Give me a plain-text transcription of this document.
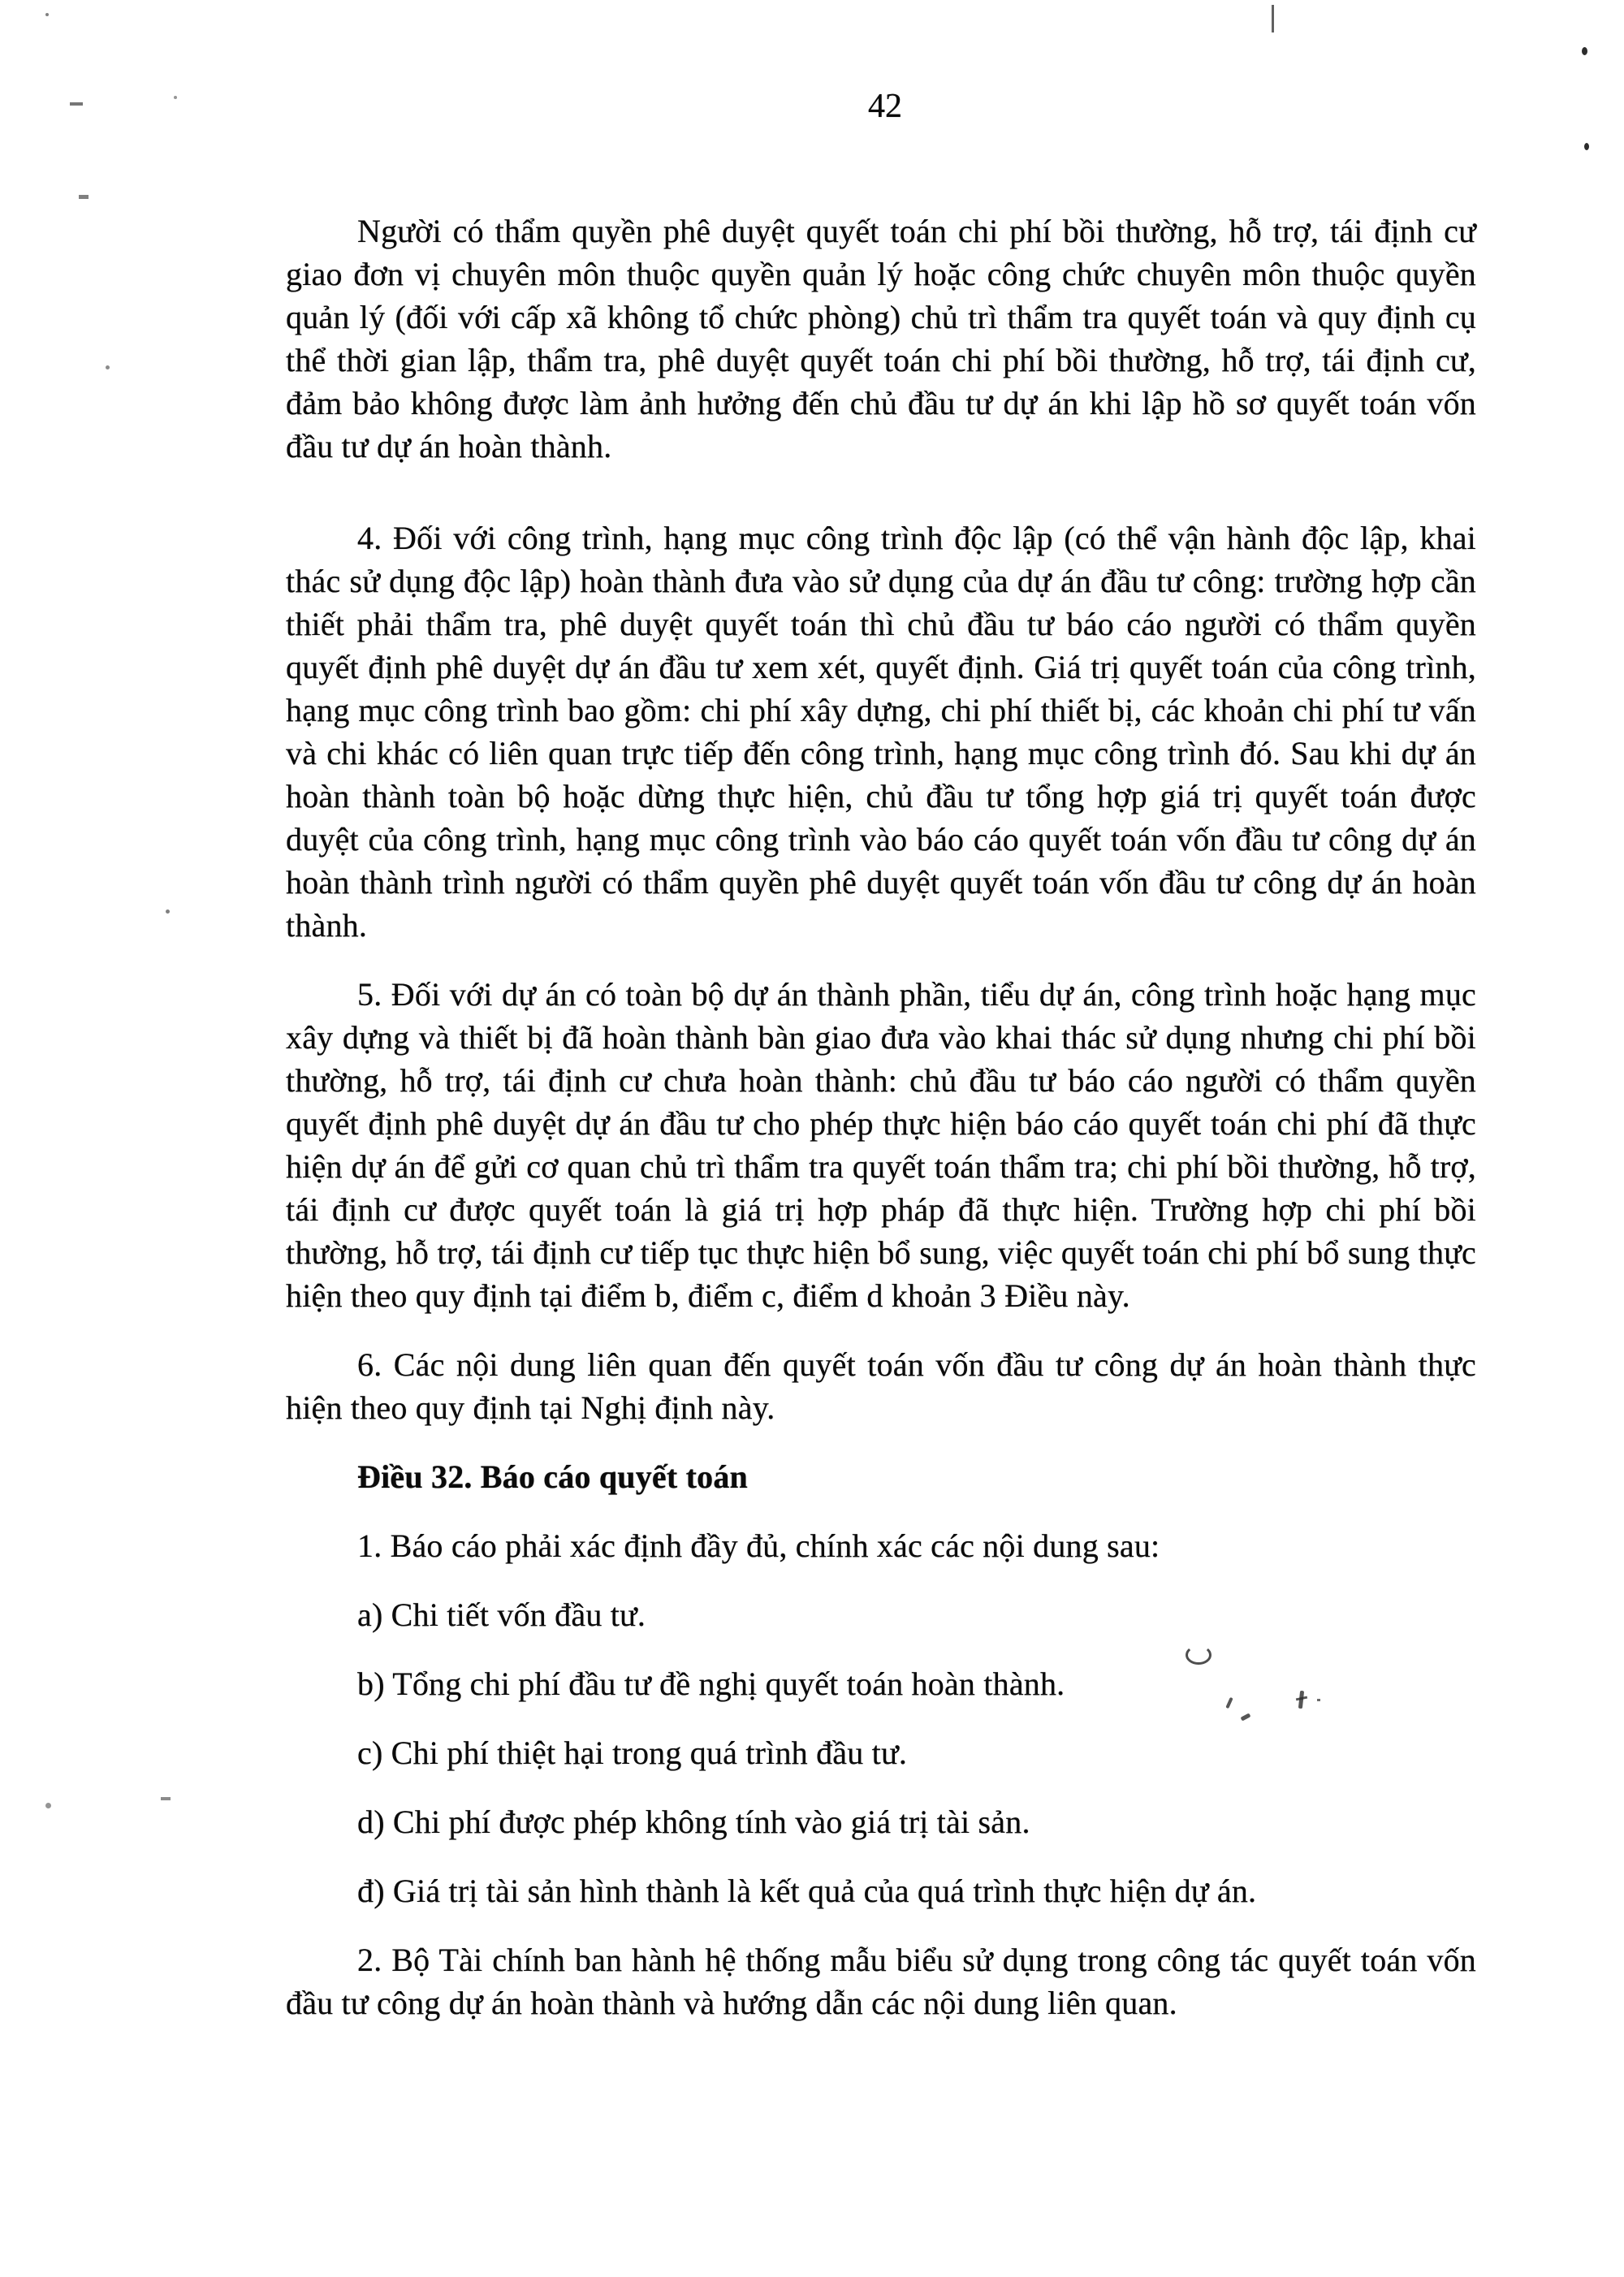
42

Người có thẩm quyền phê duyệt quyết toán chi phí bồi thường, hỗ trợ, tái định cư giao đơn vị chuyên môn thuộc quyền quản lý hoặc công chức chuyên môn thuộc quyền quản lý (đối với cấp xã không tổ chức phòng) chủ trì thẩm tra quyết toán và quy định cụ thể thời gian lập, thẩm tra, phê duyệt quyết toán chi phí bồi thường, hỗ trợ, tái định cư, đảm bảo không được làm ảnh hưởng đến chủ đầu tư dự án khi lập hồ sơ quyết toán vốn đầu tư dự án hoàn thành.

4. Đối với công trình, hạng mục công trình độc lập (có thể vận hành độc lập, khai thác sử dụng độc lập) hoàn thành đưa vào sử dụng của dự án đầu tư công: trường hợp cần thiết phải thẩm tra, phê duyệt quyết toán thì chủ đầu tư báo cáo người có thẩm quyền quyết định phê duyệt dự án đầu tư xem xét, quyết định. Giá trị quyết toán của công trình, hạng mục công trình bao gồm: chi phí xây dựng, chi phí thiết bị, các khoản chi phí tư vấn và chi khác có liên quan trực tiếp đến công trình, hạng mục công trình đó. Sau khi dự án hoàn thành toàn bộ hoặc dừng thực hiện, chủ đầu tư tổng hợp giá trị quyết toán được duyệt của công trình, hạng mục công trình vào báo cáo quyết toán vốn đầu tư công dự án hoàn thành trình người có thẩm quyền phê duyệt quyết toán vốn đầu tư công dự án hoàn thành.

5. Đối với dự án có toàn bộ dự án thành phần, tiểu dự án, công trình hoặc hạng mục xây dựng và thiết bị đã hoàn thành bàn giao đưa vào khai thác sử dụng nhưng chi phí bồi thường, hỗ trợ, tái định cư chưa hoàn thành: chủ đầu tư báo cáo người có thẩm quyền quyết định phê duyệt dự án đầu tư cho phép thực hiện báo cáo quyết toán chi phí đã thực hiện dự án để gửi cơ quan chủ trì thẩm tra quyết toán thẩm tra; chi phí bồi thường, hỗ trợ, tái định cư được quyết toán là giá trị hợp pháp đã thực hiện. Trường hợp chi phí bồi thường, hỗ trợ, tái định cư tiếp tục thực hiện bổ sung, việc quyết toán chi phí bổ sung thực hiện theo quy định tại điểm b, điểm c, điểm d khoản 3 Điều này.

6. Các nội dung liên quan đến quyết toán vốn đầu tư công dự án hoàn thành thực hiện theo quy định tại Nghị định này.

Điều 32. Báo cáo quyết toán

1. Báo cáo phải xác định đầy đủ, chính xác các nội dung sau:

a) Chi tiết vốn đầu tư.

b) Tổng chi phí đầu tư đề nghị quyết toán hoàn thành.

c) Chi phí thiệt hại trong quá trình đầu tư.

d) Chi phí được phép không tính vào giá trị tài sản.

đ) Giá trị tài sản hình thành là kết quả của quá trình thực hiện dự án.

2. Bộ Tài chính ban hành hệ thống mẫu biểu sử dụng trong công tác quyết toán vốn đầu tư công dự án hoàn thành và hướng dẫn các nội dung liên quan.
